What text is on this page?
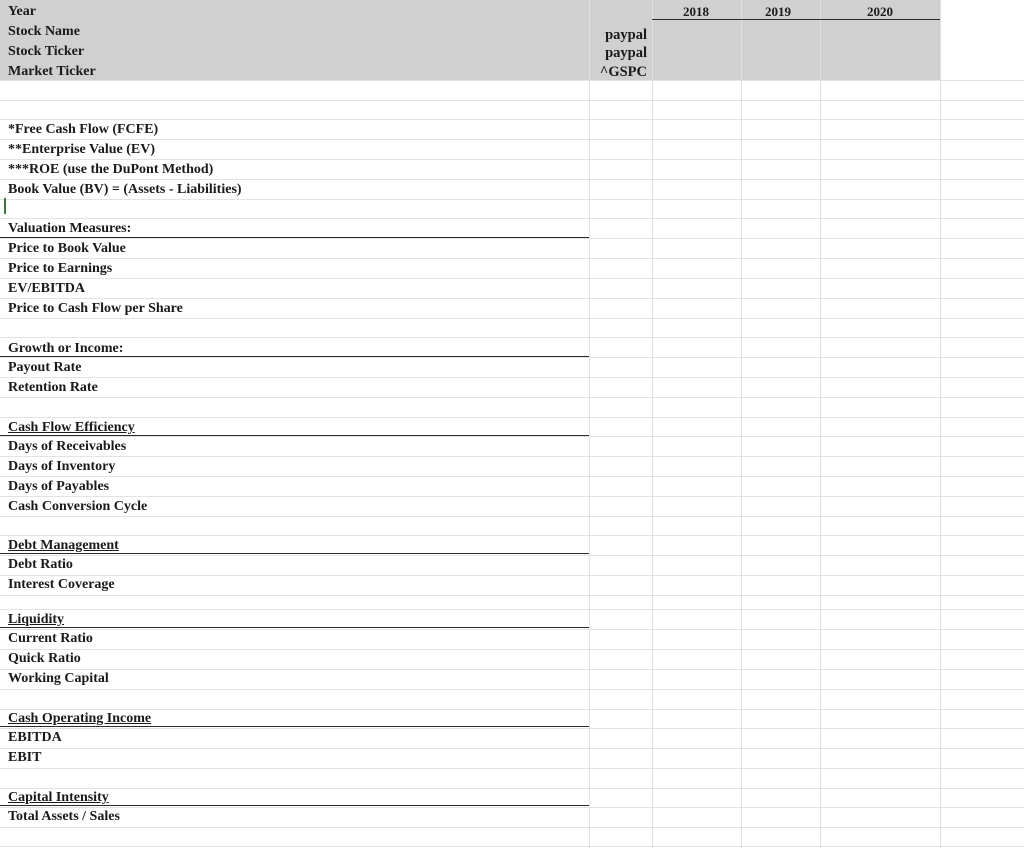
Year
Stock Name
Stock Ticker
Market Ticker
paypal
paypal
^GSPC
2018	2019	2020
*Free Cash Flow (FCFE)
**Enterprise Value (EV)
***ROE (use the DuPont Method)
Book Value (BV) = (Assets - Liabilities)
Valuation Measures:
Price to Book Value
Price to Earnings
EV/EBITDA
Price to Cash Flow per Share
Growth or Income:
Payout Rate
Retention Rate
Cash Flow Efficiency
Days of Receivables
Days of Inventory
Days of Payables
Cash Conversion Cycle
Debt Management
Debt Ratio
Interest Coverage
Liquidity
Current Ratio
Quick Ratio
Working Capital
Cash Operating Income
EBITDA
EBIT
Capital Intensity
Total Assets / Sales
